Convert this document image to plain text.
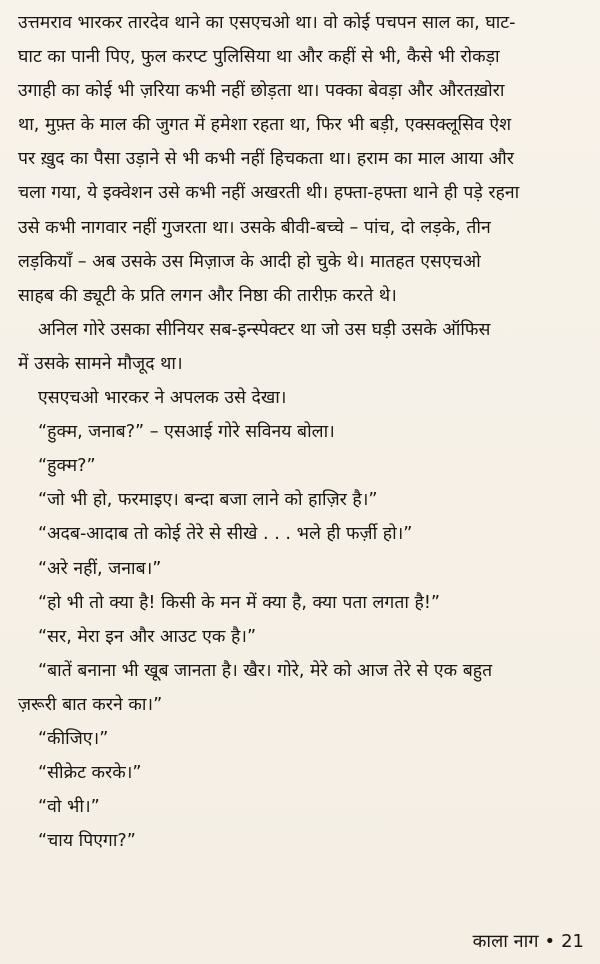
उत्तमराव भारकर तारदेव थाने का एसएचओ था। वो कोई पचपन साल का, घाट-
घाट का पानी पिए, फुल करप्ट पुलिसिया था और कहीं से भी, कैसे भी रोकड़ा
उगाही का कोई भी ज़रिया कभी नहीं छोड़ता था। पक्का बेवड़ा और औरतख़ोरा
था, मुफ़्त के माल की जुगत में हमेशा रहता था, फिर भी बड़ी, एक्सक्लूसिव ऐश
पर ख़ुद का पैसा उड़ाने से भी कभी नहीं हिचकता था। हराम का माल आया और
चला गया, ये इक्वेशन उसे कभी नहीं अखरती थी। हफ्ता-हफ्ता थाने ही पड़े रहना
उसे कभी नागवार नहीं गुजरता था। उसके बीवी-बच्चे – पांच, दो लड़के, तीन
लड़कियाँ – अब उसके उस मिज़ाज के आदी हो चुके थे। मातहत एसएचओ
साहब की ड्यूटी के प्रति लगन और निष्ठा की तारीफ़ करते थे।
अनिल गोरे उसका सीनियर सब-इन्स्पेक्टर था जो उस घड़ी उसके ऑफिस
में उसके सामने मौजूद था।
एसएचओ भारकर ने अपलक उसे देखा।
“हुक्म, जनाब?” – एसआई गोरे सविनय बोला।
“हुक्म?”
“जो भी हो, फरमाइए। बन्दा बजा लाने को हाज़िर है।”
“अदब-आदाब तो कोई तेरे से सीखे . . . भले ही फर्ज़ी हो।”
“अरे नहीं, जनाब।”
“हो भी तो क्या है! किसी के मन में क्या है, क्या पता लगता है!”
“सर, मेरा इन और आउट एक है।”
“बातें बनाना भी खूब जानता है। खैर। गोरे, मेरे को आज तेरे से एक बहुत
ज़रूरी बात करने का।”
“कीजिए।”
“सीक्रेट करके।”
“वो भी।”
“चाय पिएगा?”
काला नाग • 21
